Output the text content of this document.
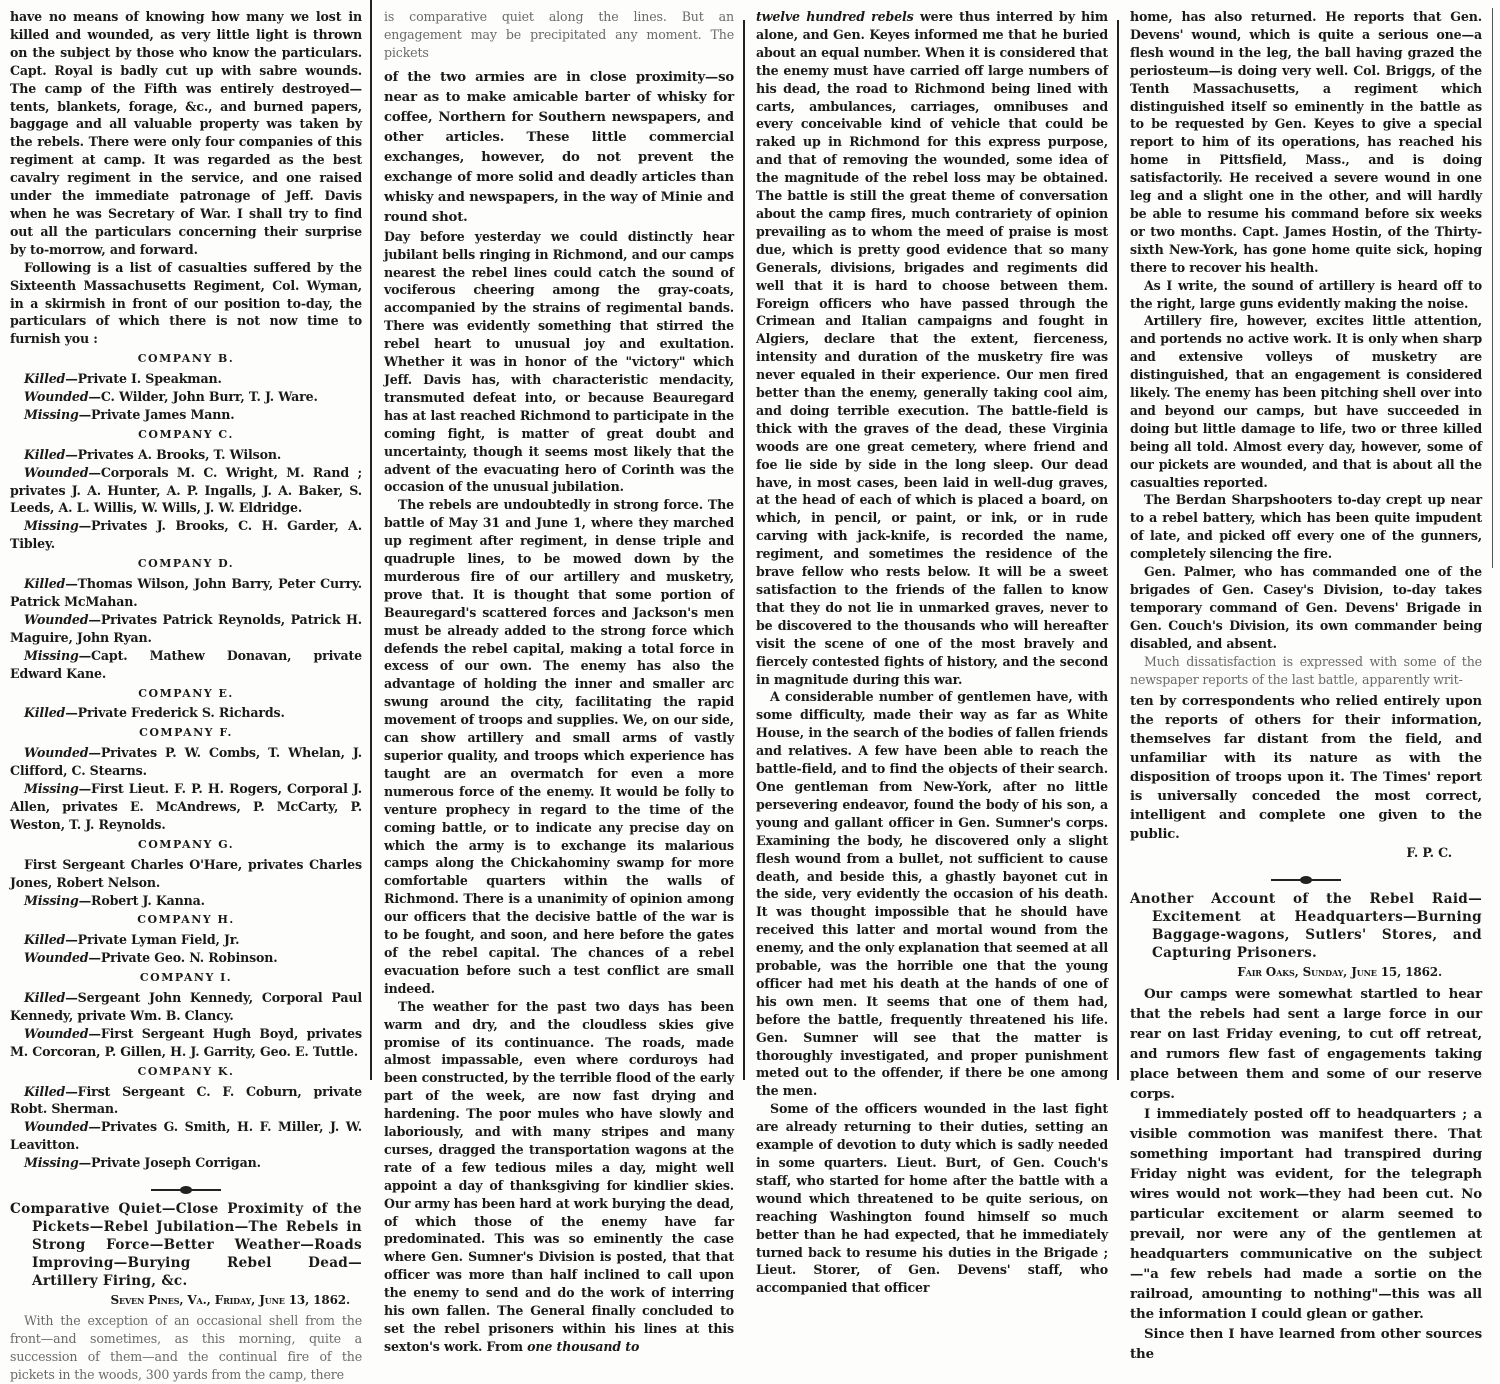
have no means of knowing how many we lost in killed and wounded, as very little light is thrown on the subject by those who know the particulars. Capt. Royal is badly cut up with sabre wounds. The camp of the Fifth was entirely destroyed—tents, blankets, forage, &c., and burned papers, baggage and all valuable property was taken by the rebels. There were only four companies of this regiment at camp. It was regarded as the best cavalry regiment in the service, and one raised under the immediate patronage of Jeff. Davis when he was Secretary of War. I shall try to find out all the particulars concerning their surprise by to-morrow, and forward.

Following is a list of casualties suffered by the Sixteenth Massachusetts Regiment, Col. Wyman, in a skirmish in front of our position to-day, the particulars of which there is not now time to furnish you :

COMPANY B.

Killed—Private I. Speakman.

Wounded—C. Wilder, John Burr, T. J. Ware.

Missing—Private James Mann.

COMPANY C.

Killed—Privates A. Brooks, T. Wilson.

Wounded—Corporals M. C. Wright, M. Rand ; privates J. A. Hunter, A. P. Ingalls, J. A. Baker, S. Leeds, A. L. Willis, W. Wills, J. W. Eldridge.

Missing—Privates J. Brooks, C. H. Garder, A. Tibley.

COMPANY D.

Killed—Thomas Wilson, John Barry, Peter Curry. Patrick McMahan.

Wounded—Privates Patrick Reynolds, Patrick H. Maguire, John Ryan.

Missing—Capt. Mathew Donavan, private Edward Kane.

COMPANY E.

Killed—Private Frederick S. Richards.

COMPANY F.

Wounded—Privates P. W. Combs, T. Whelan, J. Clifford, C. Stearns.

Missing—First Lieut. F. P. H. Rogers, Corporal J. Allen, privates E. McAndrews, P. McCarty, P. Weston, T. J. Reynolds.

COMPANY G.

First Sergeant Charles O'Hare, privates Charles Jones, Robert Nelson.

Missing—Robert J. Kanna.

COMPANY H.

Killed—Private Lyman Field, Jr.

Wounded—Private Geo. N. Robinson.

COMPANY I.

Killed—Sergeant John Kennedy, Corporal Paul Kennedy, private Wm. B. Clancy.

Wounded—First Sergeant Hugh Boyd, privates M. Corcoran, P. Gillen, H. J. Garrity, Geo. E. Tuttle.

COMPANY K.

Killed—First Sergeant C. F. Coburn, private Robt. Sherman.

Wounded—Privates G. Smith, H. F. Miller, J. W. Leavitton.

Missing—Private Joseph Corrigan.

Comparative Quiet—Close Proximity of the Pickets—Rebel Jubilation—The Rebels in Strong Force—Better Weather—Roads Improving—Burying Rebel Dead—Artillery Firing, &c.

Seven Pines, Va., Friday, June 13, 1862.

With the exception of an occasional shell from the front—and sometimes, as this morning, quite a succession of them—and the continual fire of the pickets in the woods, 300 yards from the camp, there

is comparative quiet along the lines. But an engagement may be precipitated any moment. The pickets

of the two armies are in close proximity—so near as to make amicable barter of whisky for coffee, Northern for Southern newspapers, and other articles. These little commercial exchanges, however, do not prevent the exchange of more solid and deadly articles than whisky and newspapers, in the way of Minie and round shot.

Day before yesterday we could distinctly hear jubilant bells ringing in Richmond, and our camps nearest the rebel lines could catch the sound of vociferous cheering among the gray-coats, accompanied by the strains of regimental bands. There was evidently something that stirred the rebel heart to unusual joy and exultation. Whether it was in honor of the "victory" which Jeff. Davis has, with characteristic mendacity, transmuted defeat into, or because Beauregard has at last reached Richmond to participate in the coming fight, is matter of great doubt and uncertainty, though it seems most likely that the advent of the evacuating hero of Corinth was the occasion of the unusual jubilation.

The rebels are undoubtedly in strong force. The battle of May 31 and June 1, where they marched up regiment after regiment, in dense triple and quadruple lines, to be mowed down by the murderous fire of our artillery and musketry, prove that. It is thought that some portion of Beauregard's scattered forces and Jackson's men must be already added to the strong force which defends the rebel capital, making a total force in excess of our own. The enemy has also the advantage of holding the inner and smaller arc swung around the city, facilitating the rapid movement of troops and supplies. We, on our side, can show artillery and small arms of vastly superior quality, and troops which experience has taught are an overmatch for even a more numerous force of the enemy. It would be folly to venture prophecy in regard to the time of the coming battle, or to indicate any precise day on which the army is to exchange its malarious camps along the Chickahominy swamp for more comfortable quarters within the walls of Richmond. There is a unanimity of opinion among our officers that the decisive battle of the war is to be fought, and soon, and here before the gates of the rebel capital. The chances of a rebel evacuation before such a test conflict are small indeed.

The weather for the past two days has been warm and dry, and the cloudless skies give promise of its continuance. The roads, made almost impassable, even where corduroys had been constructed, by the terrible flood of the early part of the week, are now fast drying and hardening. The poor mules who have slowly and laboriously, and with many stripes and many curses, dragged the transportation wagons at the rate of a few tedious miles a day, might well appoint a day of thanksgiving for kindlier skies. Our army has been hard at work burying the dead, of which those of the enemy have far predominated. This was so eminently the case where Gen. Sumner's Division is posted, that that officer was more than half inclined to call upon the enemy to send and do the work of interring his own fallen. The General finally concluded to set the rebel prisoners within his lines at this sexton's work. From one thousand to

twelve hundred rebels were thus interred by him alone, and Gen. Keyes informed me that he buried about an equal number. When it is considered that the enemy must have carried off large numbers of his dead, the road to Richmond being lined with carts, ambulances, carriages, omnibuses and every conceivable kind of vehicle that could be raked up in Richmond for this express purpose, and that of removing the wounded, some idea of the magnitude of the rebel loss may be obtained. The battle is still the great theme of conversation about the camp fires, much contrariety of opinion prevailing as to whom the meed of praise is most due, which is pretty good evidence that so many Generals, divisions, brigades and regiments did well that it is hard to choose between them. Foreign officers who have passed through the Crimean and Italian campaigns and fought in Algiers, declare that the extent, fierceness, intensity and duration of the musketry fire was never equaled in their experience. Our men fired better than the enemy, generally taking cool aim, and doing terrible execution. The battle-field is thick with the graves of the dead, these Virginia woods are one great cemetery, where friend and foe lie side by side in the long sleep. Our dead have, in most cases, been laid in well-dug graves, at the head of each of which is placed a board, on which, in pencil, or paint, or ink, or in rude carving with jack-knife, is recorded the name, regiment, and sometimes the residence of the brave fellow who rests below. It will be a sweet satisfaction to the friends of the fallen to know that they do not lie in unmarked graves, never to be discovered to the thousands who will hereafter visit the scene of one of the most bravely and fiercely contested fights of history, and the second in magnitude during this war.

A considerable number of gentlemen have, with some difficulty, made their way as far as White House, in the search of the bodies of fallen friends and relatives. A few have been able to reach the battle-field, and to find the objects of their search. One gentleman from New-York, after no little persevering endeavor, found the body of his son, a young and gallant officer in Gen. Sumner's corps. Examining the body, he discovered only a slight flesh wound from a bullet, not sufficient to cause death, and beside this, a ghastly bayonet cut in the side, very evidently the occasion of his death. It was thought impossible that he should have received this latter and mortal wound from the enemy, and the only explanation that seemed at all probable, was the horrible one that the young officer had met his death at the hands of one of his own men. It seems that one of them had, before the battle, frequently threatened his life. Gen. Sumner will see that the matter is thoroughly investigated, and proper punishment meted out to the offender, if there be one among the men.

Some of the officers wounded in the last fight are already returning to their duties, setting an example of devotion to duty which is sadly needed in some quarters. Lieut. Burt, of Gen. Couch's staff, who started for home after the battle with a wound which threatened to be quite serious, on reaching Washington found himself so much better than he had expected, that he immediately turned back to resume his duties in the Brigade ; Lieut. Storer, of Gen. Devens' staff, who accompanied that officer

home, has also returned. He reports that Gen. Devens' wound, which is quite a serious one—a flesh wound in the leg, the ball having grazed the periosteum—is doing very well. Col. Briggs, of the Tenth Massachusetts, a regiment which distinguished itself so eminently in the battle as to be requested by Gen. Keyes to give a special report to him of its operations, has reached his home in Pittsfield, Mass., and is doing satisfactorily. He received a severe wound in one leg and a slight one in the other, and will hardly be able to resume his command before six weeks or two months. Capt. James Hostin, of the Thirty-sixth New-York, has gone home quite sick, hoping there to recover his health.

As I write, the sound of artillery is heard off to the right, large guns evidently making the noise.

Artillery fire, however, excites little attention, and portends no active work. It is only when sharp and extensive volleys of musketry are distinguished, that an engagement is considered likely. The enemy has been pitching shell over into and beyond our camps, but have succeeded in doing but little damage to life, two or three killed being all told. Almost every day, however, some of our pickets are wounded, and that is about all the casualties reported.

The Berdan Sharpshooters to-day crept up near to a rebel battery, which has been quite impudent of late, and picked off every one of the gunners, completely silencing the fire.

Gen. Palmer, who has commanded one of the brigades of Gen. Casey's Division, to-day takes temporary command of Gen. Devens' Brigade in Gen. Couch's Division, its own commander being disabled, and absent.

Much dissatisfaction is expressed with some of the newspaper reports of the last battle, apparently writ-

ten by correspondents who relied entirely upon the reports of others for their information, themselves far distant from the field, and unfamiliar with its nature as with the disposition of troops upon it. The Times' report is universally conceded the most correct, intelligent and complete one given to the public.

F. P. C.

Another Account of the Rebel Raid—Excitement at Headquarters—Burning Baggage-wagons, Sutlers' Stores, and Capturing Prisoners.

Fair Oaks, Sunday, June 15, 1862.

Our camps were somewhat startled to hear that the rebels had sent a large force in our rear on last Friday evening, to cut off retreat, and rumors flew fast of engagements taking place between them and some of our reserve corps.

I immediately posted off to headquarters ; a visible commotion was manifest there. That something important had transpired during Friday night was evident, for the telegraph wires would not work—they had been cut. No particular excitement or alarm seemed to prevail, nor were any of the gentlemen at headquarters communicative on the subject—"a few rebels had made a sortie on the railroad, amounting to nothing"—this was all the information I could glean or gather.

Since then I have learned from other sources the
